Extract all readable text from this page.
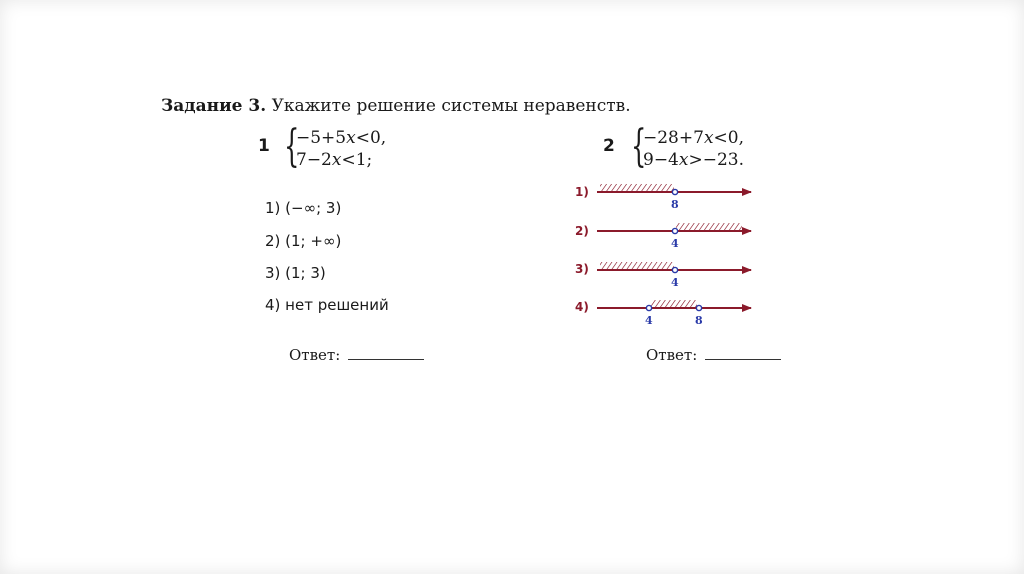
Задание 3. Укажите решение системы неравенств.
1 {
−5+5x<0,
7−2x<1;
2 {
−28+7x<0,
9−4x>−23.
1) (−∞; 3)
2) (1; +∞)
3) (1; 3)
4) нет решений
Ответ:	Ответ:
1)
8
2)
4
3)
4
4)
4	8
